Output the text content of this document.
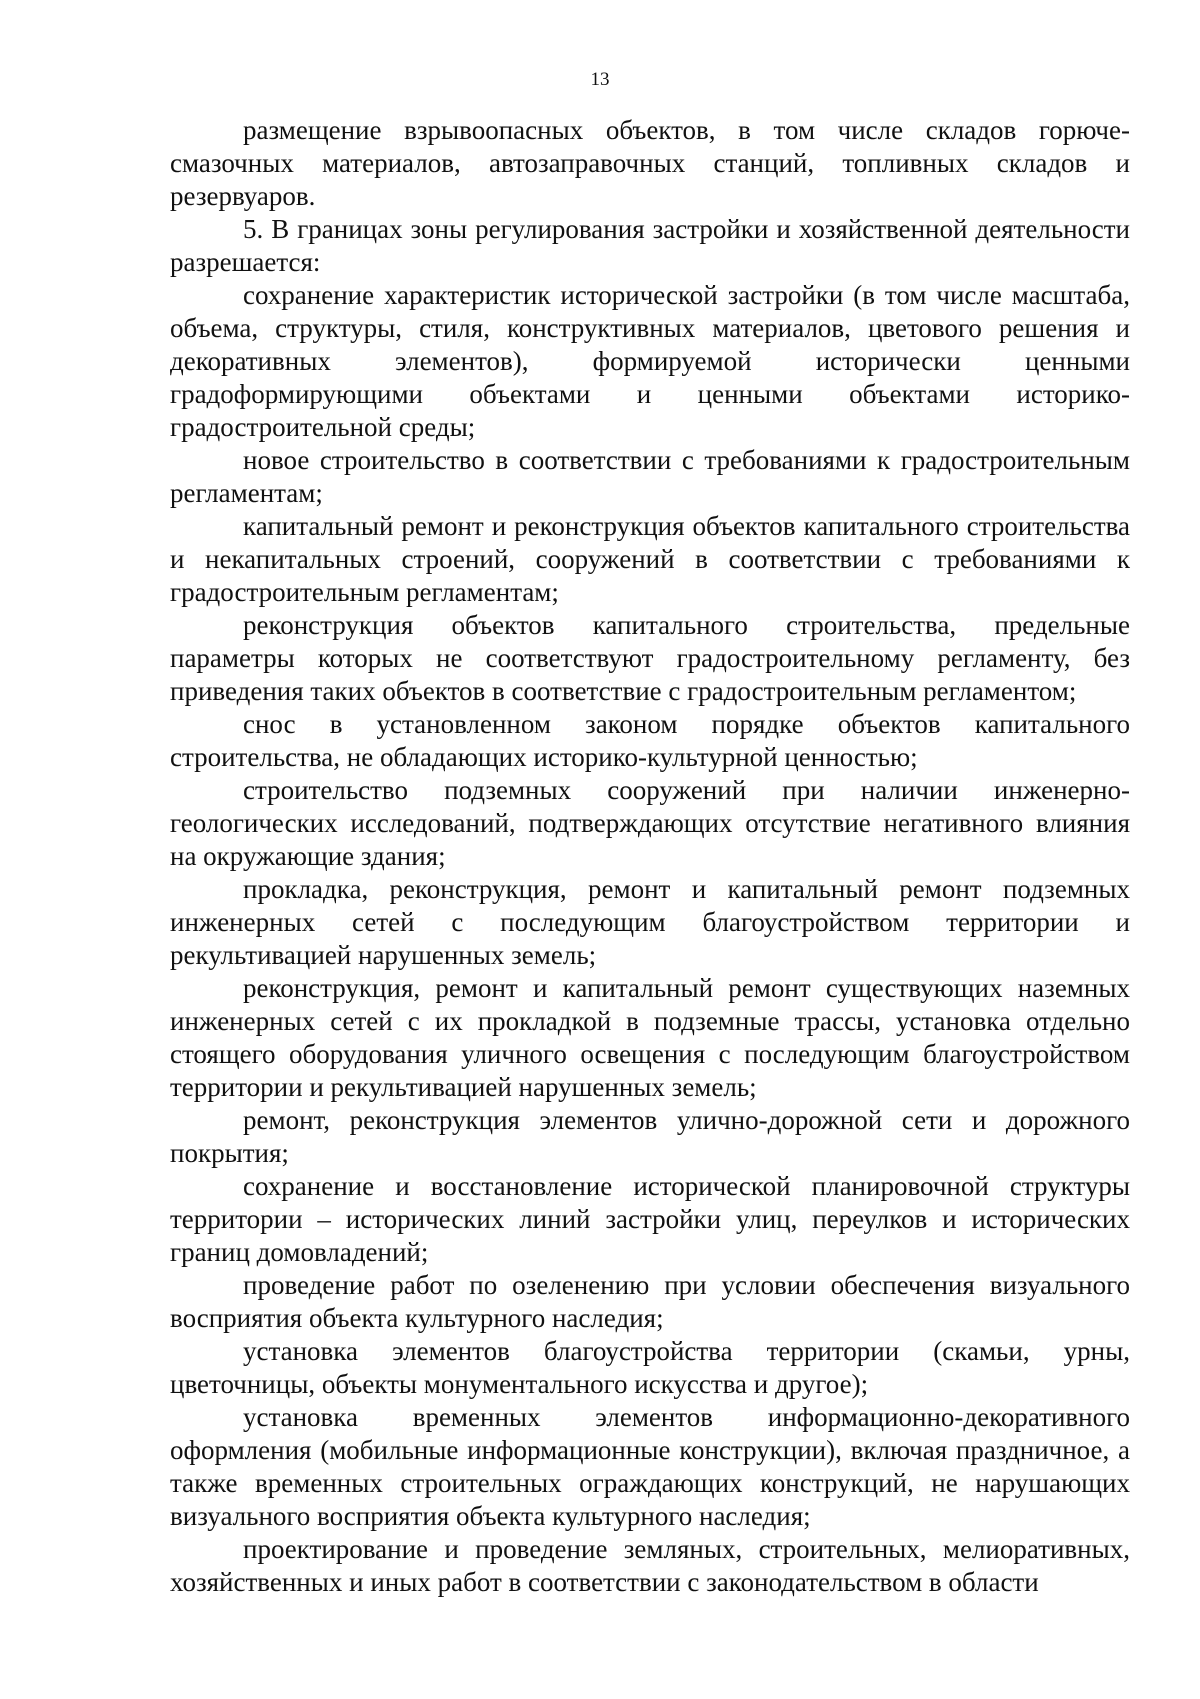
13

размещение взрывоопасных объектов, в том числе складов горюче-смазочных материалов, автозаправочных станций, топливных складов и резервуаров.

5. В границах зоны регулирования застройки и хозяйственной деятельности разрешается:

сохранение характеристик исторической застройки (в том числе масштаба, объема, структуры, стиля, конструктивных материалов, цветового решения и декоративных элементов), формируемой исторически ценными градоформирующими объектами и ценными объектами историко-градостроительной среды;

новое строительство в соответствии с требованиями к градостроительным регламентам;

капитальный ремонт и реконструкция объектов капитального строительства и некапитальных строений, сооружений в соответствии с требованиями к градостроительным регламентам;

реконструкция объектов капитального строительства, предельные параметры которых не соответствуют градостроительному регламенту, без приведения таких объектов в соответствие с градостроительным регламентом;

снос в установленном законом порядке объектов капитального строительства, не обладающих историко-культурной ценностью;

строительство подземных сооружений при наличии инженерно-геологических исследований, подтверждающих отсутствие негативного влияния на окружающие здания;

прокладка, реконструкция, ремонт и капитальный ремонт подземных инженерных сетей с последующим благоустройством территории и рекультивацией нарушенных земель;

реконструкция, ремонт и капитальный ремонт существующих наземных инженерных сетей с их прокладкой в подземные трассы, установка отдельно стоящего оборудования уличного освещения с последующим благоустройством территории и рекультивацией нарушенных земель;

ремонт, реконструкция элементов улично-дорожной сети и дорожного покрытия;

сохранение и восстановление исторической планировочной структуры территории – исторических линий застройки улиц, переулков и исторических границ домовладений;

проведение работ по озеленению при условии обеспечения визуального восприятия объекта культурного наследия;

установка элементов благоустройства территории (скамьи, урны, цветочницы, объекты монументального искусства и другое);

установка временных элементов информационно-декоративного оформления (мобильные информационные конструкции), включая праздничное, а также временных строительных ограждающих конструкций, не нарушающих визуального восприятия объекта культурного наследия;

проектирование и проведение земляных, строительных, мелиоративных, хозяйственных и иных работ в соответствии с законодательством в области
